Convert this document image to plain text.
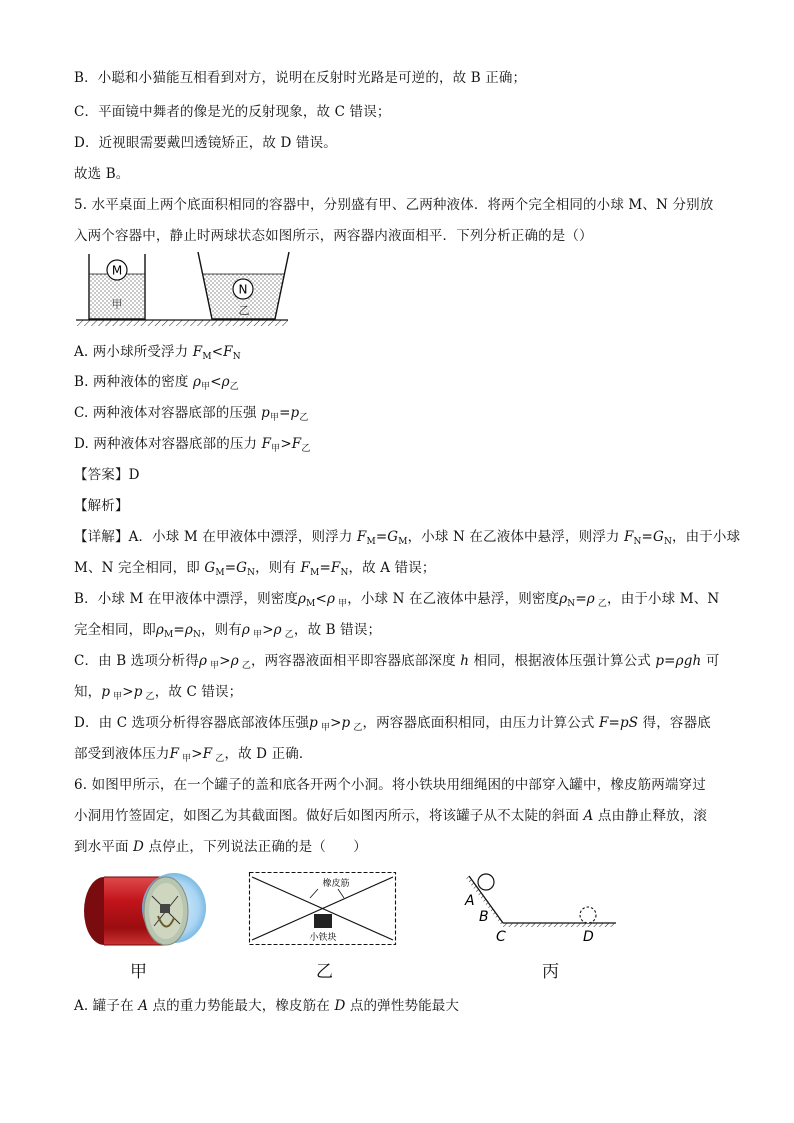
B．小聪和小猫能互相看到对方，说明在反射时光路是可逆的，故 B 正确；
C．平面镜中舞者的像是光的反射现象，故 C 错误；
D．近视眼需要戴凹透镜矫正，故 D 错误。
故选 B。
5. 水平桌面上两个底面积相同的容器中，分别盛有甲、乙两种液体．将两个完全相同的小球 M、N 分别放
入两个容器中，静止时两球状态如图所示，两容器内液面相平．下列分析正确的是（）
M
甲
N
乙
A. 两小球所受浮力 $F_M<F_N$
B. 两种液体的密度 $\rho_甲<\rho_乙$
C. 两种液体对容器底部的压强 $p_甲=p_乙$
D. 两种液体对容器底部的压力 $F_甲>F_乙$
【答案】D
【解析】
【详解】A．小球 M 在甲液体中漂浮，则浮力 $F_M=G_M$，小球 N 在乙液体中悬浮，则浮力 $F_N=G_N$，由于小球
M、N 完全相同，即 $G_M=G_N$，则有 $F_M=F_N$，故 A 错误；
B．小球 M 在甲液体中漂浮，则密度$\rho_M<\rho$ $_甲$，小球 N 在乙液体中悬浮，则密度$\rho_N=\rho$ $_乙$，由于小球 M、N
完全相同，即$\rho_M=\rho_N$，则有ρ $_甲$>ρ $_乙$，故 B 错误；
C．由 B 选项分析得ρ $_甲$>ρ $_乙$，两容器液面相平即容器底部深度 h 相同，根据液体压强计算公式 p=ρgh 可
知，p $_甲$>p $_乙$，故 C 错误；
D．由 C 选项分析得容器底部液体压强p $_甲$>p $_乙$，两容器底面积相同，由压力计算公式 F=pS 得，容器底
部受到液体压力F $_甲$>F $_乙$，故 D 正确．
6. 如图甲所示，在一个罐子的盖和底各开两个小洞。将小铁块用细绳困的中部穿入罐中，橡皮筋两端穿过
小洞用竹签固定，如图乙为其截面图。做好后如图丙所示，将该罐子从不太陡的斜面 A 点由静止释放，滚
到水平面 D 点停止，下列说法正确的是（　　）
橡皮筋
小铁块
A
B
C	D
甲	乙	丙
A. 罐子在 A 点的重力势能最大，橡皮筋在 D 点的弹性势能最大
